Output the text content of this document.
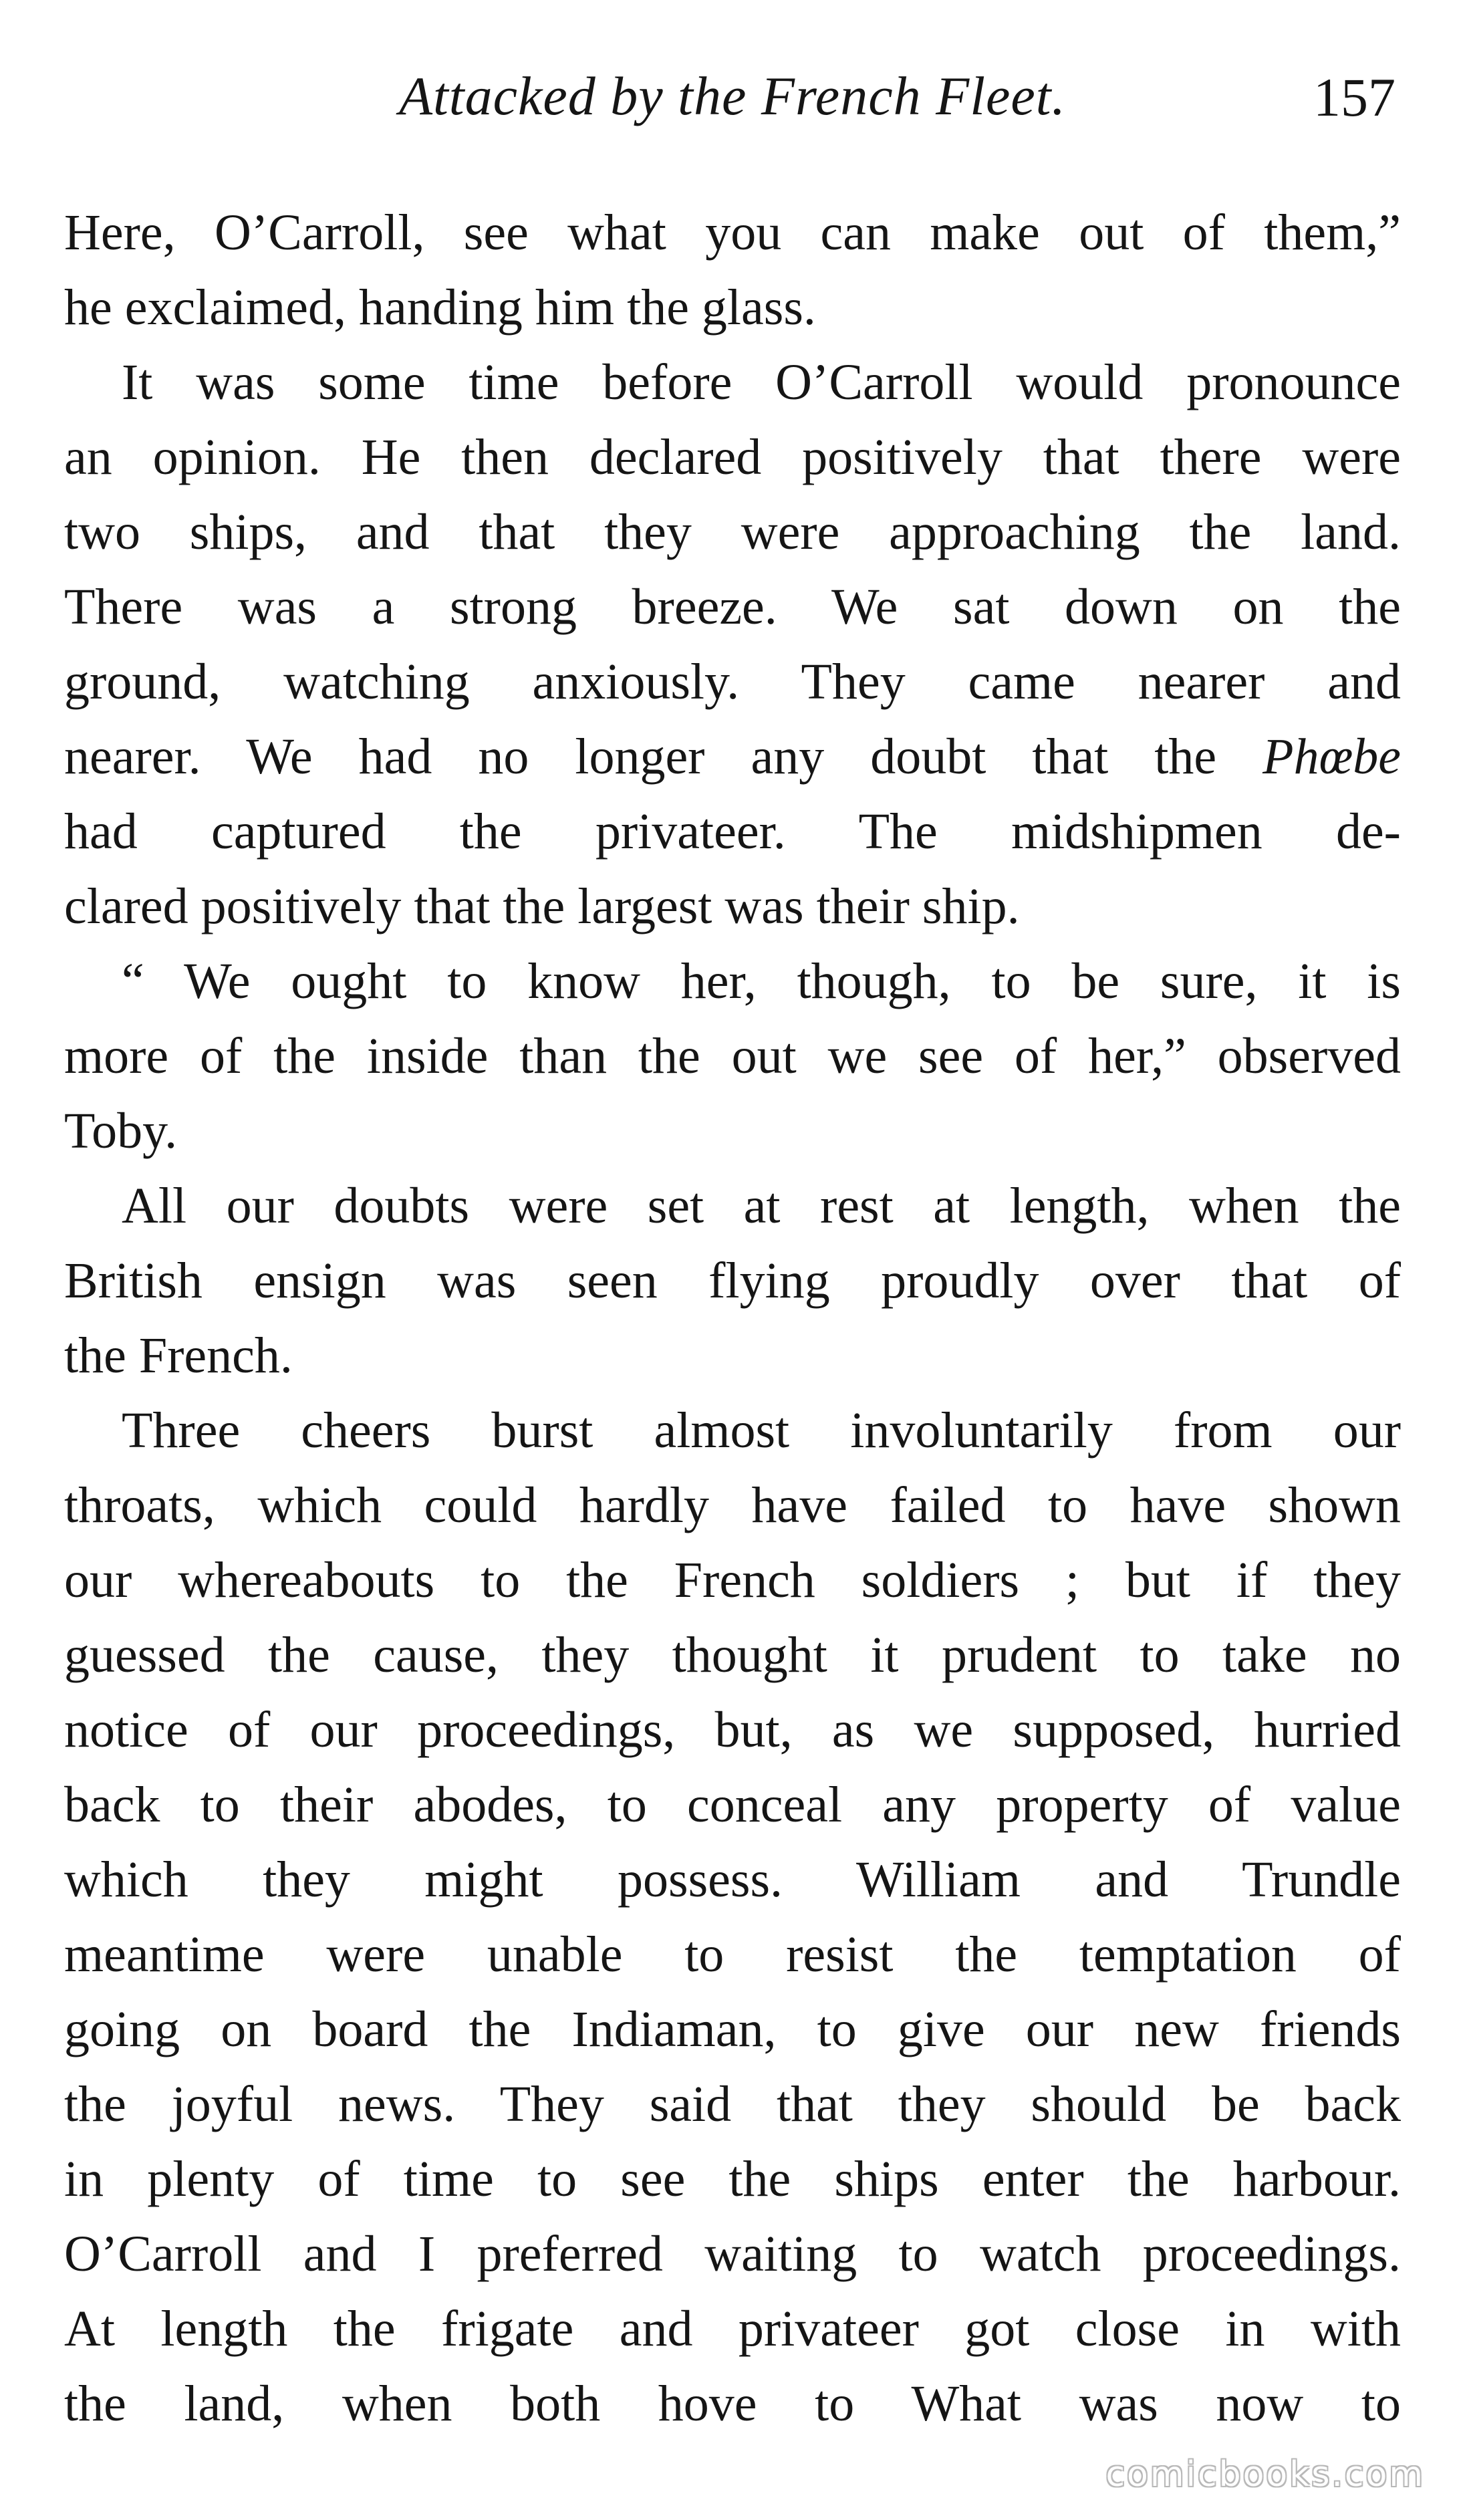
Attacked by the French Fleet.	157
Here, O’Carroll, see what you can make out of them,”
he exclaimed, handing him the glass.
It was some time before O’Carroll would pronounce
an opinion. He then declared positively that there were
two ships, and that they were approaching the land.
There was a strong breeze. We sat down on the
ground, watching anxiously. They came nearer and
nearer. We had no longer any doubt that the Phœbe
had captured the privateer. The midshipmen de-
clared positively that the largest was their ship.
“ We ought to know her, though, to be sure, it is
more of the inside than the out we see of her,” observed
Toby.
All our doubts were set at rest at length, when the
British ensign was seen flying proudly over that of
the French.
Three cheers burst almost involuntarily from our
throats, which could hardly have failed to have shown
our whereabouts to the French soldiers ; but if they
guessed the cause, they thought it prudent to take no
notice of our proceedings, but, as we supposed, hurried
back to their abodes, to conceal any property of value
which they might possess. William and Trundle
meantime were unable to resist the temptation of
going on board the Indiaman, to give our new friends
the joyful news. They said that they should be back
in plenty of time to see the ships enter the harbour.
O’Carroll and I preferred waiting to watch proceedings.
At length the frigate and privateer got close in with
the land, when both hove to What was now to
comicbooks.com
